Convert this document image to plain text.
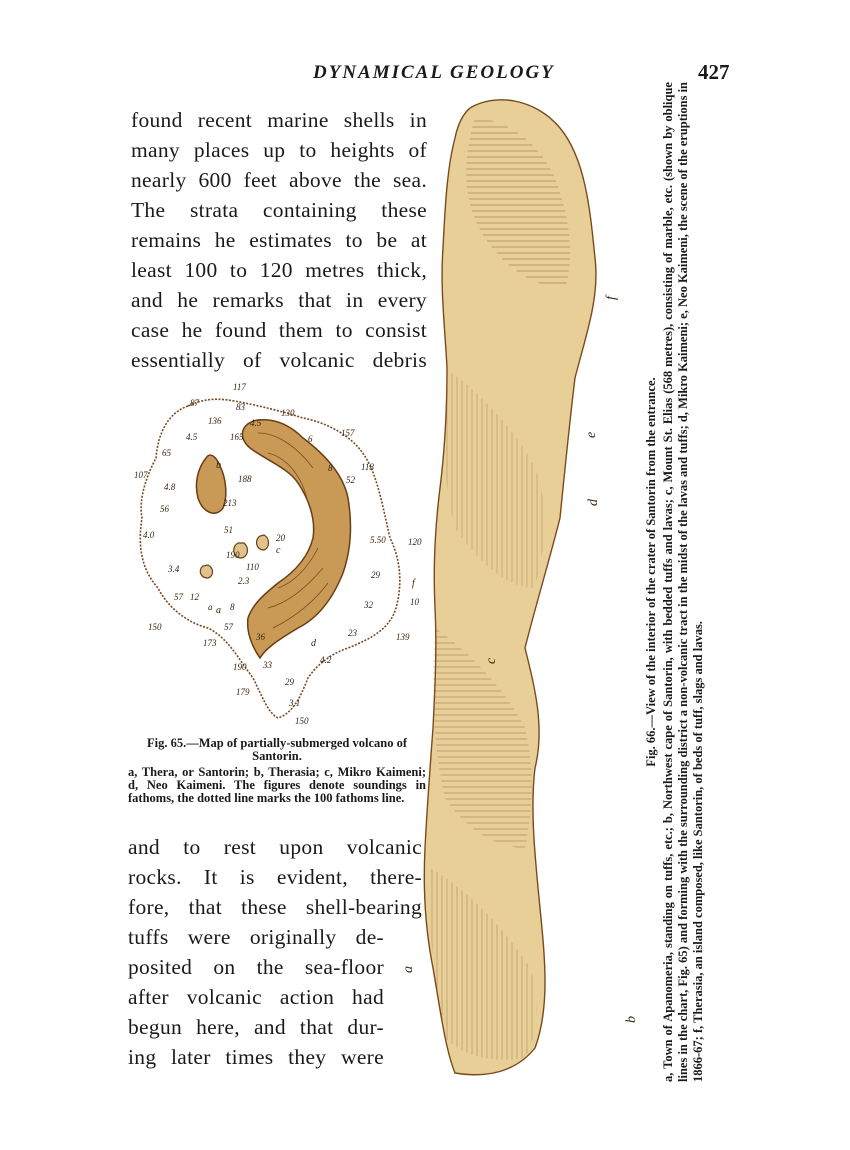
DYNAMICAL GEOLOGY	427
found recent marine shells in
many places up to heights of
nearly 600 feet above the sea.
The strata containing these
remains he estimates to be at
least 100 to 120 metres thick,
and he remarks that in every
case he found them to consist
essentially of volcanic debris
117
87	83
130
136	4.5
165	6
157
4.5
65
8	118
107	188	52
4.8
56
213
4.0	51
20	5.50 120
190
110
3.4
29
2.3
57 12
a	32	10
150	57
8
23	139
173
36
190 33	4.2
179
29
3.1
150
b
c
d
a
f
Fig. 65.—Map of partially-submerged volcano of Santorin.
a, Thera, or Santorin; b, Therasia; c, Mikro Kaimeni; d, Neo Kaimeni. The figures denote soundings in fathoms, the dotted line marks the 100 fathoms line.
and to rest upon volcanic
rocks. It is evident, there-
fore, that these shell-bearing
tuffs were originally de-
posited on the sea-floor
after volcanic action had
begun here, and that dur-
ing later times they were
f
e
d
c
a
b
Fig. 66.—View of the interior of the crater of Santorin from the entrance. a, Town of Apanomeria, standing on tuffs, etc.; b, Northwest cape of Santorin, with bedded tuffs and lavas; c, Mount St. Elias (568 metres), consisting of marble, etc. (shown by oblique lines in the chart, Fig. 65) and forming with the surrounding district a non-volcanic tract in the midst of the lavas and tuffs; d, Mikro Kaimeni; e, Neo Kaimeni, the scene of the eruptions in 1866-67; f, Therasia, an island composed, like Santorin, of beds of tuff, slags and lavas.
